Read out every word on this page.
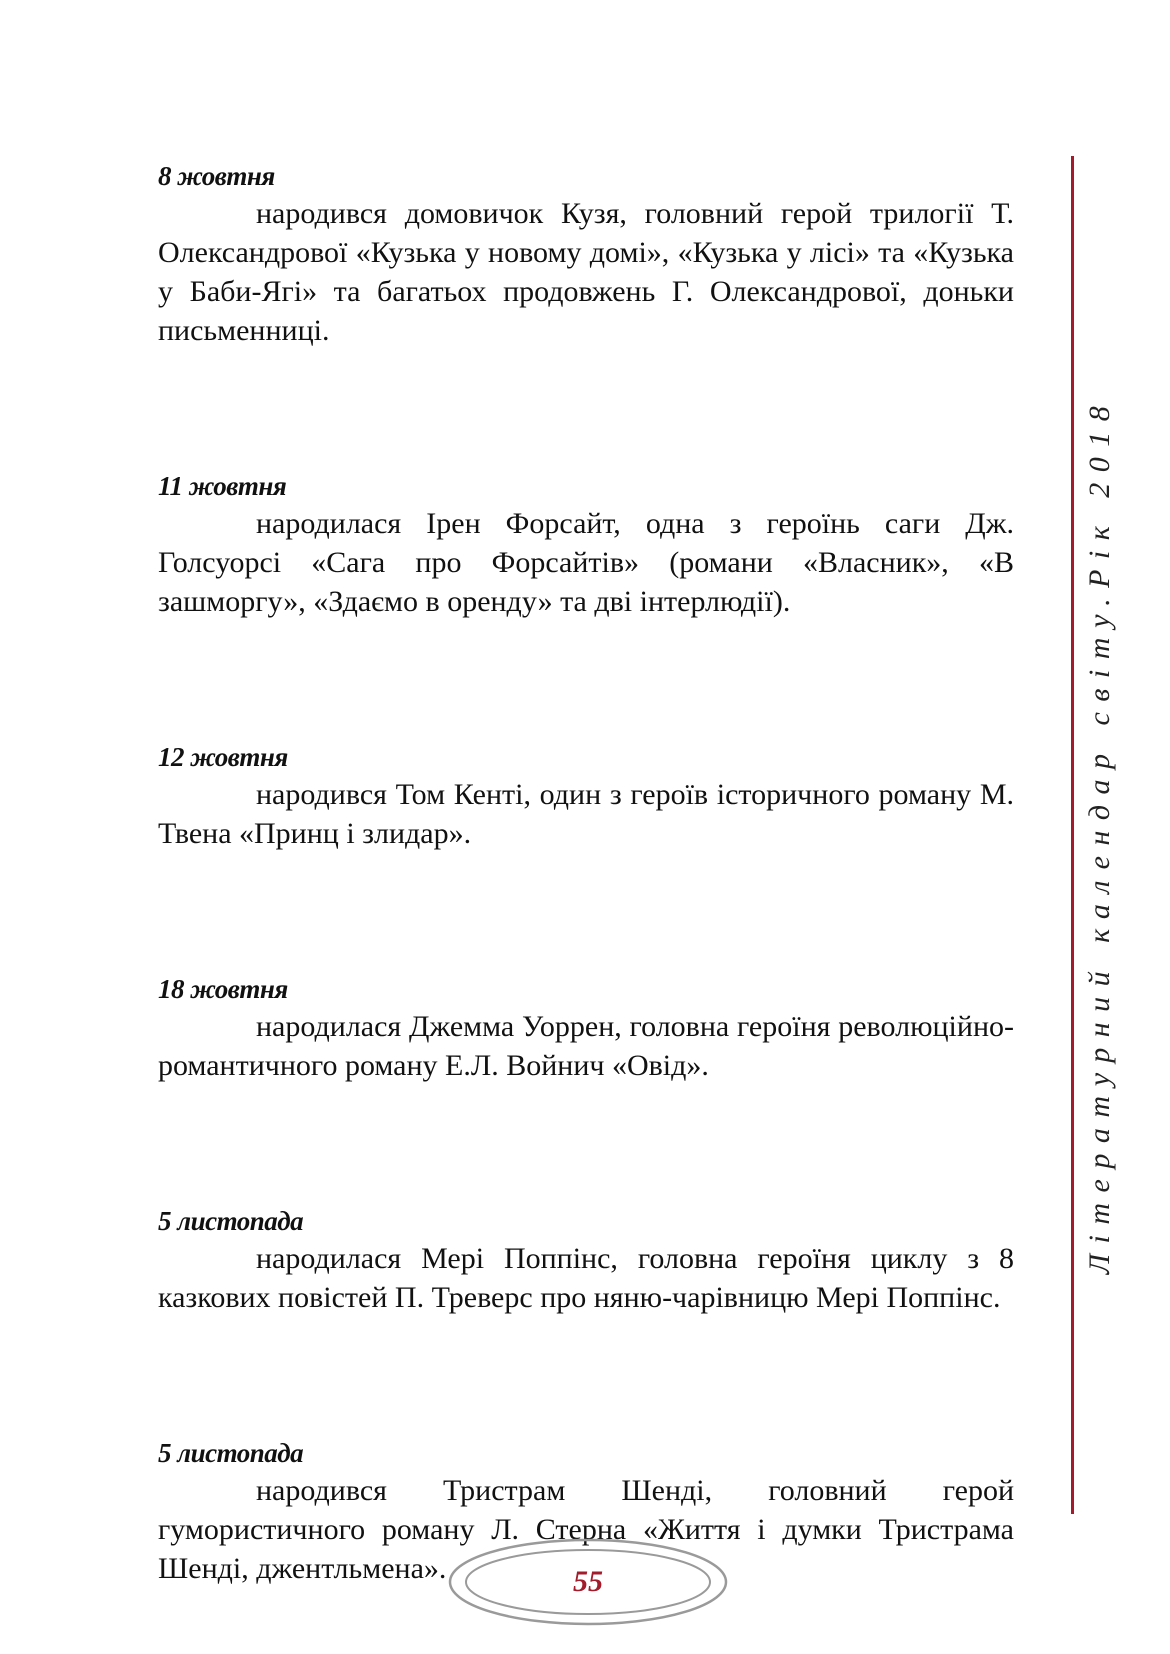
8 жовтня

народився домовичок Кузя, головний герой трилогії Т. Олександрової «Кузька у новому домі», «Кузька у лісі» та «Кузька у Баби-Ягі» та багатьох продовжень Г. Олександрової, доньки письменниці.

11 жовтня

народилася Ірен Форсайт, одна з героїнь саги Дж. Голсуорсі «Сага про Форсайтів» (романи «Власник», «В зашморгу», «Здаємо в оренду» та дві інтерлюдії).

12 жовтня

народився Том Кенті, один з героїв історичного роману М. Твена «Принц і злидар».

18 жовтня

народилася Джемма Уоррен, головна героїня революційно-романтичного роману Е.Л. Войнич «Овід».

5 листопада

народилася Мері Поппінс, головна героїня циклу з 8 казкових повістей П. Треверс про няню-чарівницю Мері Поппінс.

5 листопада

народився Тристрам Шенді, головний герой гумористичного роману Л. Стерна «Життя і думки Тристрама Шенді, джентльмена».

Літературний календар світу.Рік 2018
55
